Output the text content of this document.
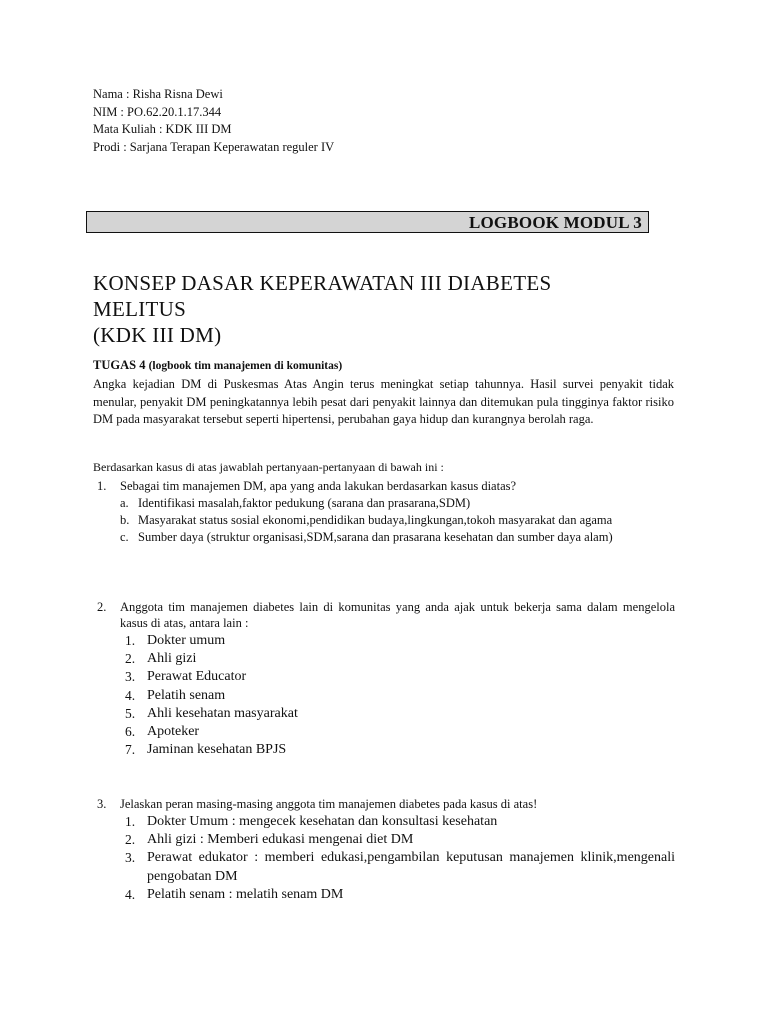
Nama : Risha Risna Dewi
NIM : PO.62.20.1.17.344
Mata Kuliah : KDK III DM
Prodi : Sarjana Terapan Keperawatan reguler IV
LOGBOOK MODUL 3
KONSEP DASAR KEPERAWATAN III DIABETES
MELITUS
(KDK III DM)
TUGAS 4 (logbook tim manajemen di komunitas)
Angka kejadian DM di Puskesmas Atas Angin terus meningkat setiap tahunnya. Hasil survei penyakit tidak menular, penyakit DM peningkatannya lebih pesat dari penyakit lainnya dan ditemukan pula tingginya faktor risiko DM pada masyarakat tersebut seperti hipertensi, perubahan gaya hidup dan kurangnya berolah raga.
Berdasarkan kasus di atas jawablah pertanyaan-pertanyaan di bawah ini :
1. Sebagai tim manajemen DM, apa yang anda lakukan berdasarkan kasus diatas?
a. Identifikasi masalah,faktor pedukung (sarana dan prasarana,SDM)
b. Masyarakat status sosial ekonomi,pendidikan budaya,lingkungan,tokoh masyarakat dan agama
c. Sumber daya (struktur organisasi,SDM,sarana dan prasarana kesehatan dan sumber daya alam)
2. Anggota tim manajemen diabetes lain di komunitas yang anda ajak untuk bekerja sama dalam mengelola kasus di atas, antara lain :
1. Dokter umum
2. Ahli gizi
3. Perawat Educator
4. Pelatih senam
5. Ahli kesehatan masyarakat
6. Apoteker
7. Jaminan kesehatan BPJS
3. Jelaskan peran masing-masing anggota tim manajemen diabetes pada kasus di atas!
1. Dokter Umum : mengecek kesehatan dan konsultasi kesehatan
2. Ahli gizi : Memberi edukasi mengenai diet DM
3. Perawat edukator : memberi edukasi,pengambilan keputusan manajemen klinik,mengenali pengobatan DM
4. Pelatih senam : melatih senam DM
